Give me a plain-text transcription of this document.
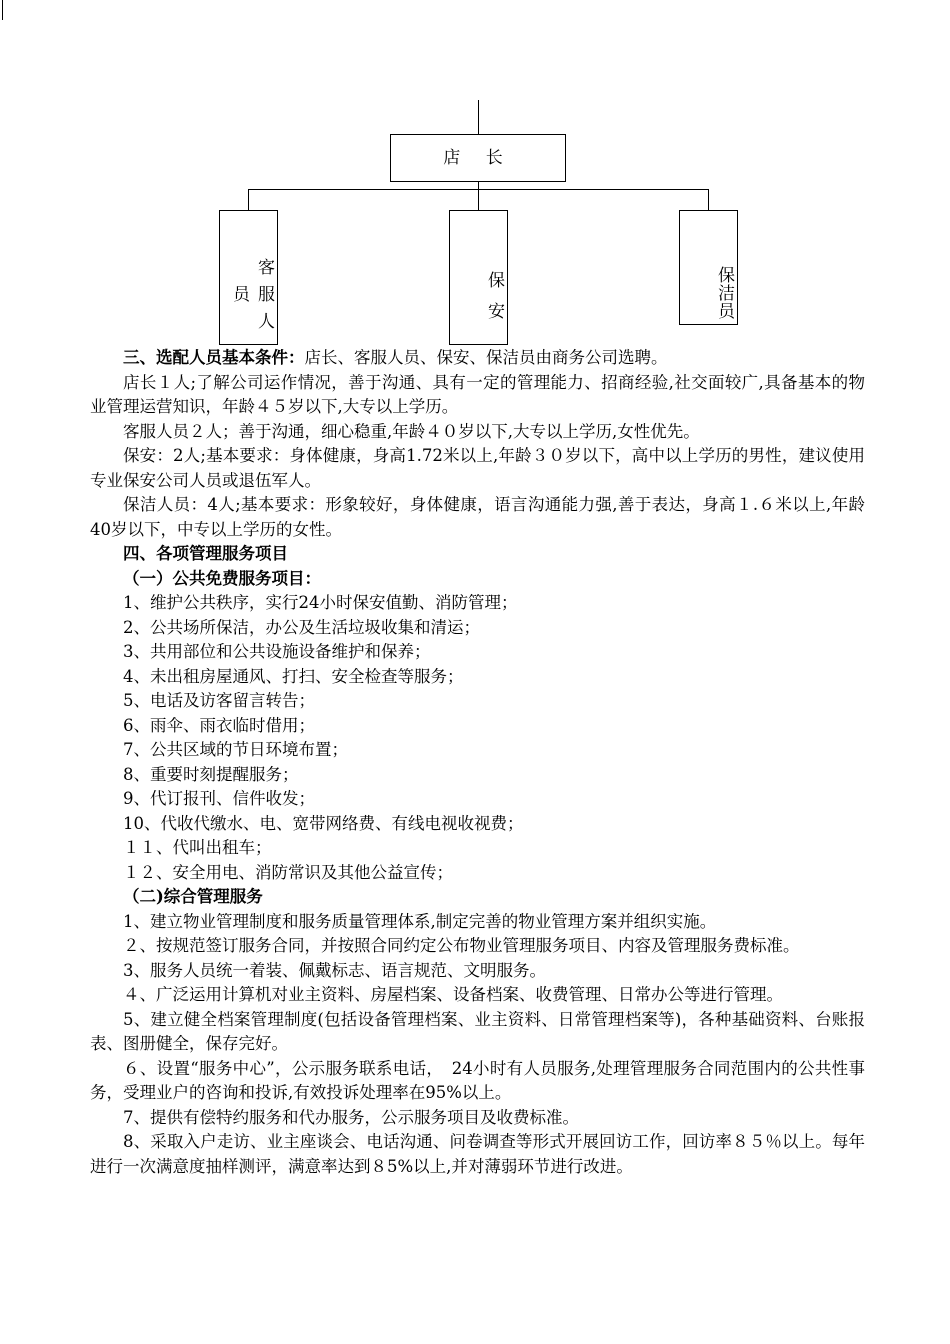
店 长
客服人员	保安	保洁员

三、选配人员基本条件：店长、客服人员、保安、保洁员由商务公司选聘。

店长１人;了解公司运作情况，善于沟通、具有一定的管理能力、招商经验,社交面较广,具备基本的物业管理运营知识，年龄４５岁以下,大专以上学历。

客服人员２人；善于沟通，细心稳重,年龄４０岁以下,大专以上学历,女性优先。

保安：2人;基本要求：身体健康，身高1.72米以上,年龄３０岁以下，高中以上学历的男性，建议使用专业保安公司人员或退伍军人。

保洁人员：4人;基本要求：形象较好，身体健康，语言沟通能力强,善于表达，身高１.６米以上,年龄40岁以下，中专以上学历的女性。

四、各项管理服务项目

（一）公共免费服务项目：

1、维护公共秩序，实行24小时保安值勤、消防管理；

2、公共场所保洁，办公及生活垃圾收集和清运；

3、共用部位和公共设施设备维护和保养；

4、未出租房屋通风、打扫、安全检查等服务；

5、电话及访客留言转告；

6、雨伞、雨衣临时借用；

7、公共区域的节日环境布置；

8、重要时刻提醒服务；

9、代订报刊、信件收发；

10、代收代缴水、电、宽带网络费、有线电视收视费；

１１、代叫出租车；

１２、安全用电、消防常识及其他公益宣传；

（二)综合管理服务

1、建立物业管理制度和服务质量管理体系,制定完善的物业管理方案并组织实施。

２、按规范签订服务合同，并按照合同约定公布物业管理服务项目、内容及管理服务费标准。

3、服务人员统一着装、佩戴标志、语言规范、文明服务。

４、广泛运用计算机对业主资料、房屋档案、设备档案、收费管理、日常办公等进行管理。

5、建立健全档案管理制度(包括设备管理档案、业主资料、日常管理档案等)，各种基础资料、台账报表、图册健全，保存完好。

６、设置“服务中心”，公示服务联系电话，　24小时有人员服务,处理管理服务合同范围内的公共性事务，受理业户的咨询和投诉,有效投诉处理率在95%以上。

7、提供有偿特约服务和代办服务，公示服务项目及收费标准。

8、采取入户走访、业主座谈会、电话沟通、问卷调查等形式开展回访工作，回访率８５％以上。每年进行一次满意度抽样测评，满意率达到８5%以上,并对薄弱环节进行改进。
